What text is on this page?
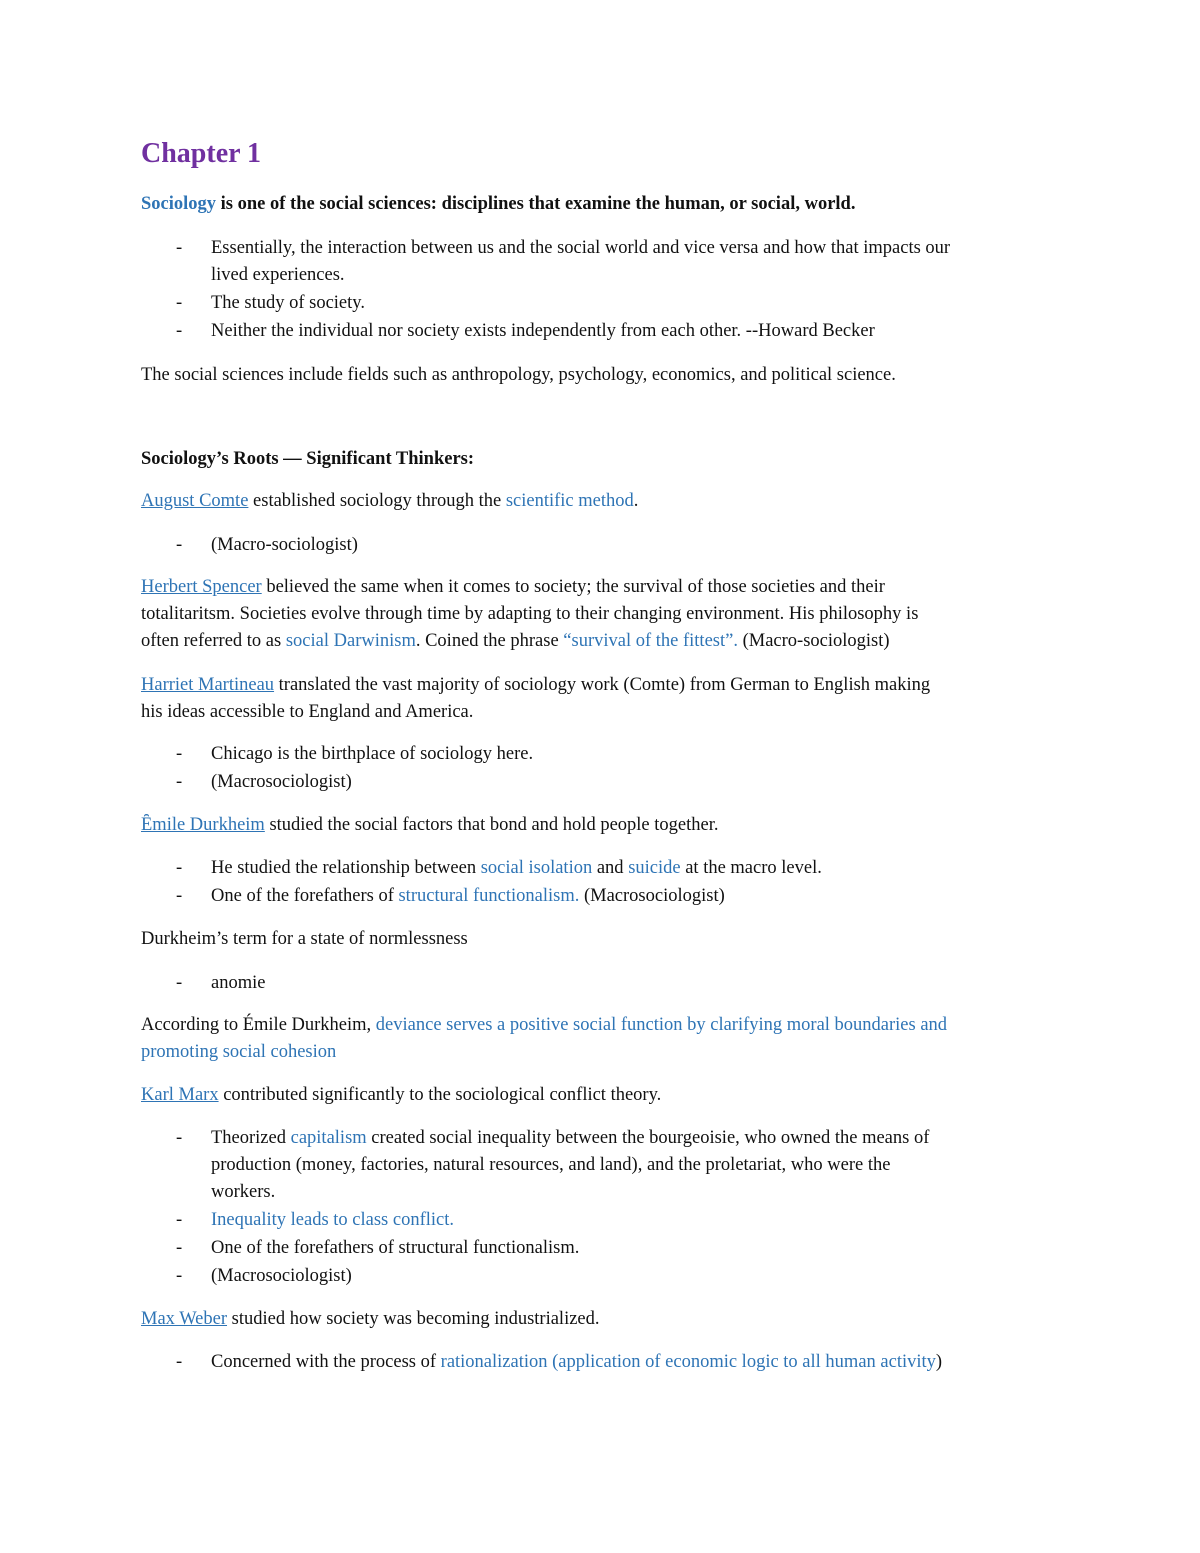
Chapter 1
Sociology is one of the social sciences: disciplines that examine the human, or social, world.
- Essentially, the interaction between us and the social world and vice versa and how that impacts our
lived experiences.
- The study of society.
- Neither the individual nor society exists independently from each other. --Howard Becker
The social sciences include fields such as anthropology, psychology, economics, and political science.
Sociology’s Roots — Significant Thinkers:
August Comte established sociology through the scientific method.
- (Macro-sociologist)
Herbert Spencer believed the same when it comes to society; the survival of those societies and their
totalitaritsm. Societies evolve through time by adapting to their changing environment. His philosophy is
often referred to as social Darwinism. Coined the phrase “survival of the fittest”. (Macro-sociologist)
Harriet Martineau translated the vast majority of sociology work (Comte) from German to English making
his ideas accessible to England and America.
- Chicago is the birthplace of sociology here.
- (Macrosociologist)
Ȇmile Durkheim studied the social factors that bond and hold people together.
- He studied the relationship between social isolation and suicide at the macro level.
- One of the forefathers of structural functionalism. (Macrosociologist)
Durkheim’s term for a state of normlessness
- anomie
According to Émile Durkheim, deviance serves a positive social function by clarifying moral boundaries and
promoting social cohesion
Karl Marx contributed significantly to the sociological conflict theory.
- Theorized capitalism created social inequality between the bourgeoisie, who owned the means of
production (money, factories, natural resources, and land), and the proletariat, who were the
workers.
- Inequality leads to class conflict.
- One of the forefathers of structural functionalism.
- (Macrosociologist)
Max Weber studied how society was becoming industrialized.
- Concerned with the process of rationalization (application of economic logic to all human activity)
